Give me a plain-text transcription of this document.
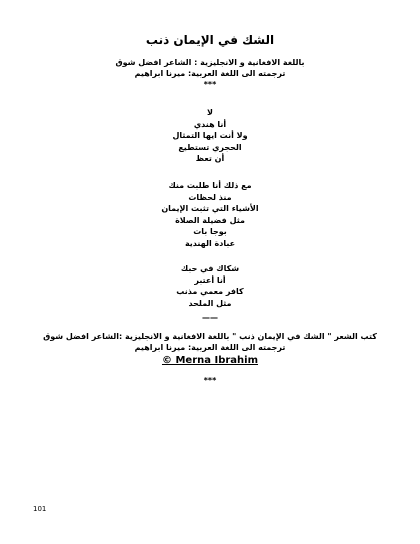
الشك في الإيمان ذنب
باللغة الافغانية و الانجليزية : الشاعر افضل شوق
ترجمته الى اللغة العربية: ميرنا ابراهيم
***
لا
أنا هندي
ولا أنت ايها التمثال
الحجري تستطيع
أن تعظ
مع ذلك أنا طلبت منك
منذ لحظات
الأشياء التي تثبت الإيمان
مثل فضيلة الصلاة
بوجا بات
عبادة الهندية
شكاك في حبك
أنا أعتبر
كافر معمي مذنب
مثل الملحد
——
كتب الشعر " الشك في الإيمان ذنب " باللغة الافغانية و الانجليزية :الشاعر افضل شوق
ترجمته الى اللغة العربية: ميرنا ابراهيم
© Merna Ibrahim
***
101
